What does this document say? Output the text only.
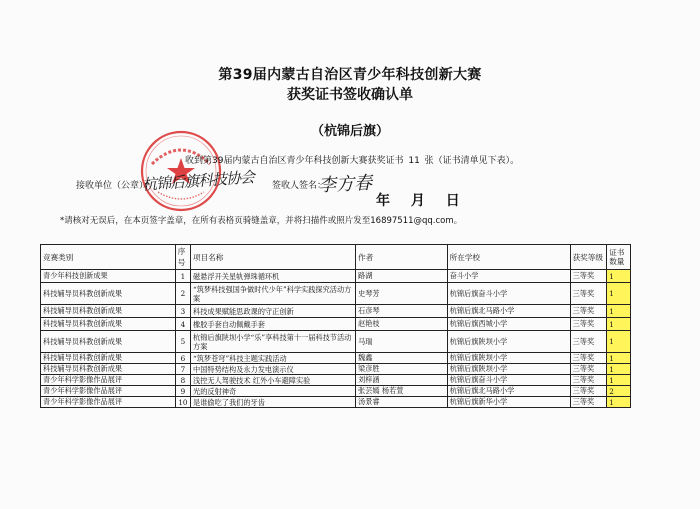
第39届内蒙古自治区青少年科技创新大赛
获奖证书签收确认单
（杭锦后旗）
收到第39届内蒙古自治区青少年科技创新大赛获奖证书 11 张（证书清单见下表）。
接收单位（公章）：
杭锦后旗科技协会 签收人签名：
李方春
年 月 日
*请核对无误后，在本页签字盖章，在所有表格页骑缝盖章，并将扫描件或照片发至16897511@qq.com。
竞赛类别	序号	项目名称	作者	所在学校	获奖等级	证书数量
青少年科技创新成果	1	磁悬浮开关星轨弹珠循环机	路湖	奋斗小学	三等奖	1
科技辅导员科教创新成果	2	“筑梦科技强国争做时代少年”科学实践探究活动方案	史琴芳	杭锦后旗奋斗小学	三等奖	1
科技辅导员科教创新成果	3	科技成果赋能思政课的守正创新	石彦琴	杭锦后旗北马路小学	三等奖	1
科技辅导员科教创新成果	4	橡胶手套自动佩戴手套	赵艳枝	杭锦后旗西城小学	三等奖	1
科技辅导员科教创新成果	5	杭锦后旗陕坝小学“乐”享科技第十一届科技节活动方案	马瑞	杭锦后旗陕坝小学	三等奖	1
科技辅导员科教创新成果	6	“筑梦苍穹”科技主题实践活动	魏鑫	杭锦后旗陕坝小学	三等奖	1
科技辅导员科教创新成果	7	中国特势结构及永力发电演示仪	梁彦胜	杭锦后旗陕坝小学	三等奖	1
青少年科学影像作品展评	8	浅控无人驾驶技术 红外小车避障实验	刘梓涵	杭锦后旗奋斗小学	三等奖	1
青少年科学影像作品展评	9	光的反射神奇	张芸嫣 杨若萱	杭锦后旗北马路小学	三等奖	2
青少年科学影像作品展评	10	是谁偷吃了我们的牙齿	汤景睿	杭锦后旗新华小学	三等奖	1
